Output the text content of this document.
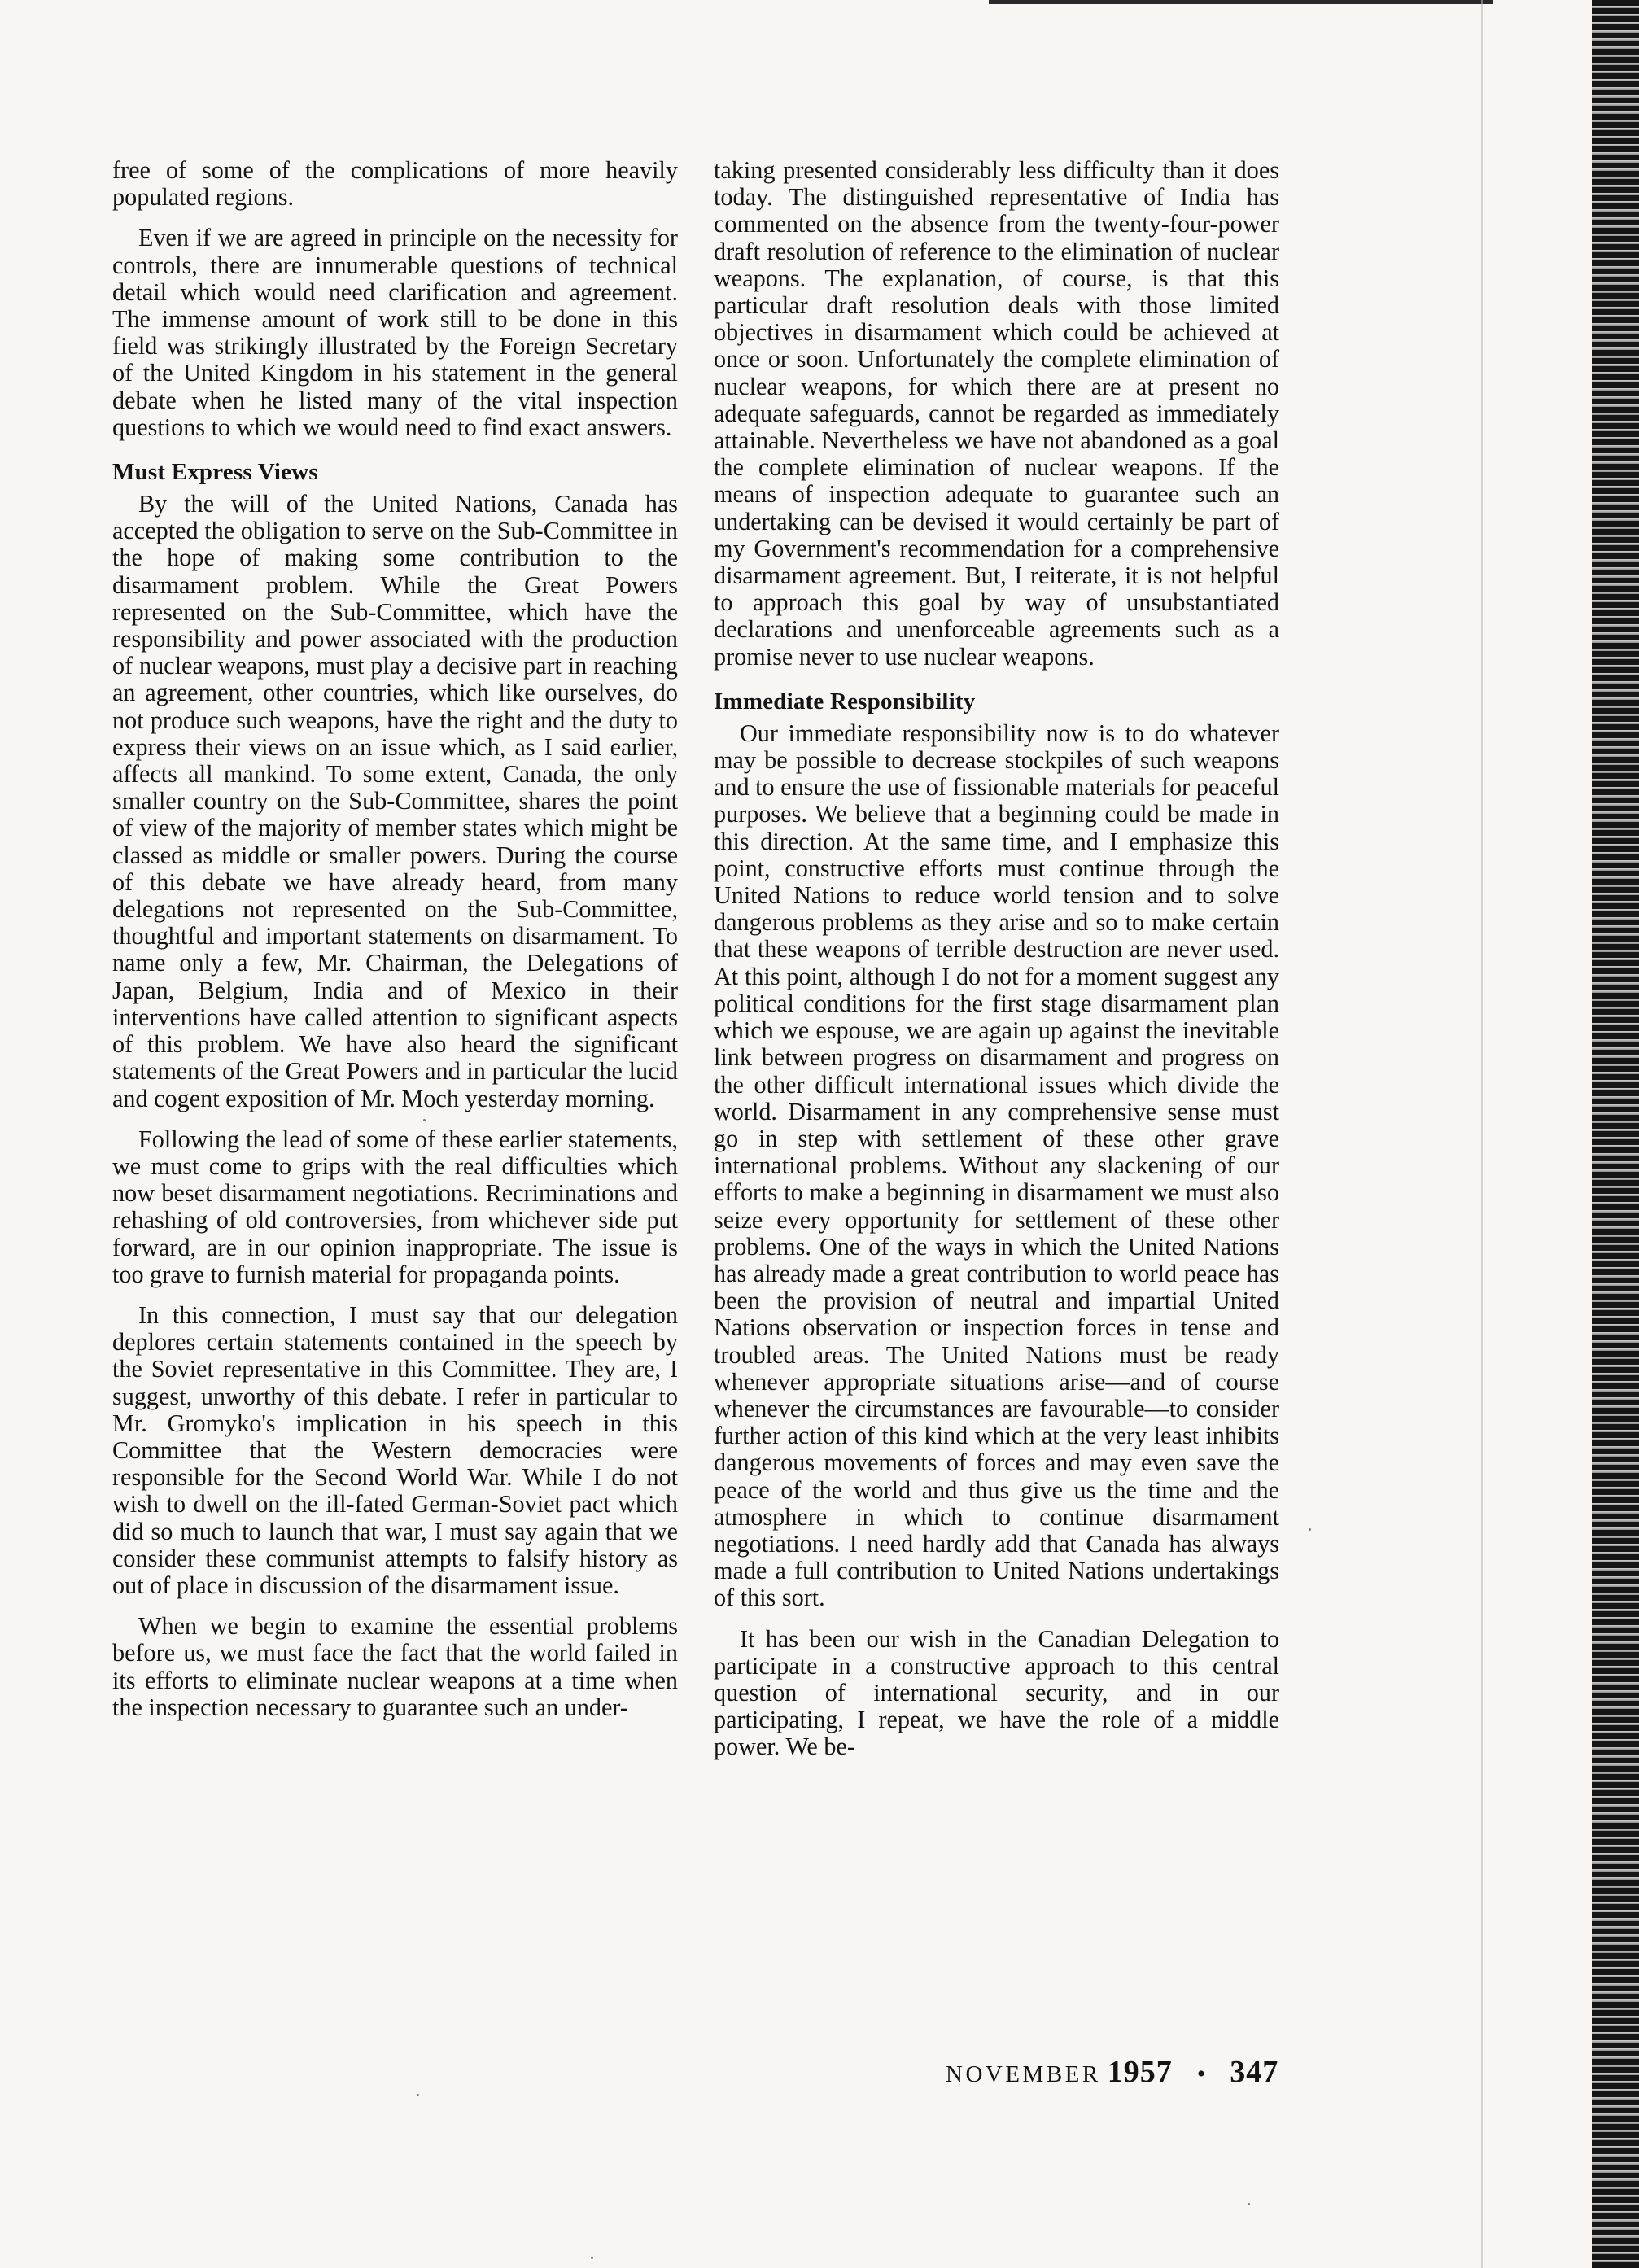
free of some of the complications of more heavily populated regions.

Even if we are agreed in principle on the necessity for controls, there are innumerable questions of technical detail which would need clarification and agreement. The immense amount of work still to be done in this field was strikingly illustrated by the Foreign Secretary of the United Kingdom in his statement in the general debate when he listed many of the vital inspection questions to which we would need to find exact answers.

Must Express Views

By the will of the United Nations, Canada has accepted the obligation to serve on the Sub-Committee in the hope of making some contribution to the disarmament problem. While the Great Powers represented on the Sub-Committee, which have the responsibility and power associated with the production of nuclear weapons, must play a decisive part in reaching an agreement, other countries, which like ourselves, do not produce such weapons, have the right and the duty to express their views on an issue which, as I said earlier, affects all mankind. To some extent, Canada, the only smaller country on the Sub-Committee, shares the point of view of the majority of member states which might be classed as middle or smaller powers. During the course of this debate we have already heard, from many delegations not represented on the Sub-Committee, thoughtful and important statements on disarmament. To name only a few, Mr. Chairman, the Delegations of Japan, Belgium, India and of Mexico in their interventions have called attention to significant aspects of this problem. We have also heard the significant statements of the Great Powers and in particular the lucid and cogent exposition of Mr. Moch yesterday morning.

Following the lead of some of these earlier statements, we must come to grips with the real difficulties which now beset disarmament negotiations. Recriminations and rehashing of old controversies, from whichever side put forward, are in our opinion inappropriate. The issue is too grave to furnish material for propaganda points.

In this connection, I must say that our delegation deplores certain statements contained in the speech by the Soviet representative in this Committee. They are, I suggest, unworthy of this debate. I refer in particular to Mr. Gromyko's implication in his speech in this Committee that the Western democracies were responsible for the Second World War. While I do not wish to dwell on the ill-fated German-Soviet pact which did so much to launch that war, I must say again that we consider these communist attempts to falsify history as out of place in discussion of the disarmament issue.

When we begin to examine the essential problems before us, we must face the fact that the world failed in its efforts to eliminate nuclear weapons at a time when the inspection necessary to guarantee such an under-

taking presented considerably less difficulty than it does today. The distinguished representative of India has commented on the absence from the twenty-four-power draft resolution of reference to the elimination of nuclear weapons. The explanation, of course, is that this particular draft resolution deals with those limited objectives in disarmament which could be achieved at once or soon. Unfortunately the complete elimination of nuclear weapons, for which there are at present no adequate safeguards, cannot be regarded as immediately attainable. Nevertheless we have not abandoned as a goal the complete elimination of nuclear weapons. If the means of inspection adequate to guarantee such an undertaking can be devised it would certainly be part of my Government's recommendation for a comprehensive disarmament agreement. But, I reiterate, it is not helpful to approach this goal by way of unsubstantiated declarations and unenforceable agreements such as a promise never to use nuclear weapons.

Immediate Responsibility

Our immediate responsibility now is to do whatever may be possible to decrease stockpiles of such weapons and to ensure the use of fissionable materials for peaceful purposes. We believe that a beginning could be made in this direction. At the same time, and I emphasize this point, constructive efforts must continue through the United Nations to reduce world tension and to solve dangerous problems as they arise and so to make certain that these weapons of terrible destruction are never used. At this point, although I do not for a moment suggest any political conditions for the first stage disarmament plan which we espouse, we are again up against the inevitable link between progress on disarmament and progress on the other difficult international issues which divide the world. Disarmament in any comprehensive sense must go in step with settlement of these other grave international problems. Without any slackening of our efforts to make a beginning in disarmament we must also seize every opportunity for settlement of these other problems. One of the ways in which the United Nations has already made a great contribution to world peace has been the provision of neutral and impartial United Nations observation or inspection forces in tense and troubled areas. The United Nations must be ready whenever appropriate situations arise—and of course whenever the circumstances are favourable—to consider further action of this kind which at the very least inhibits dangerous movements of forces and may even save the peace of the world and thus give us the time and the atmosphere in which to continue disarmament negotiations. I need hardly add that Canada has always made a full contribution to United Nations undertakings of this sort.

It has been our wish in the Canadian Delegation to participate in a constructive approach to this central question of international security, and in our participating, I repeat, we have the role of a middle power. We be-

NOVEMBER 1957 • 347
